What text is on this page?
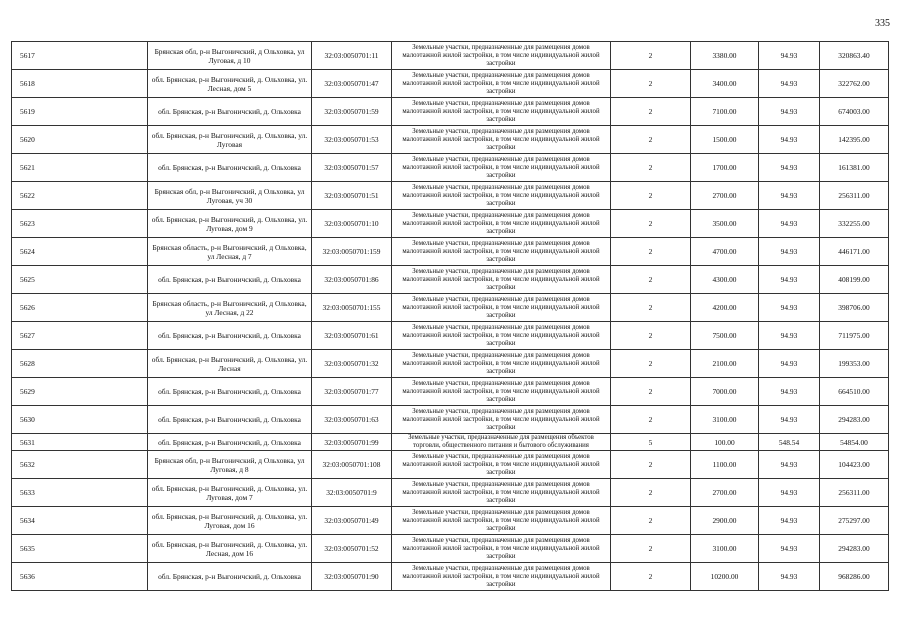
335
5617	Брянская обл, р-н Выгоничский, д Ольховка, ул Луговая, д 10	32:03:0050701:11	Земельные участки, предназначенные для размещения домов малоэтажной жилой застройки, в том числе индивидуальной жилой застройки	2	3380.00	94.93	320863.40
5618	обл. Брянская, р-н Выгоничский, д. Ольховка, ул. Лесная, дом 5	32:03:0050701:47	Земельные участки, предназначенные для размещения домов малоэтажной жилой застройки, в том числе индивидуальной жилой застройки	2	3400.00	94.93	322762.00
5619	обл. Брянская, р-н Выгоничский, д. Ольховка	32:03:0050701:59	Земельные участки, предназначенные для размещения домов малоэтажной жилой застройки, в том числе индивидуальной жилой застройки	2	7100.00	94.93	674003.00
5620	обл. Брянская, р-н Выгоничский, д. Ольховка, ул. Луговая	32:03:0050701:53	Земельные участки, предназначенные для размещения домов малоэтажной жилой застройки, в том числе индивидуальной жилой застройки	2	1500.00	94.93	142395.00
5621	обл. Брянская, р-н Выгоничский, д. Ольховка	32:03:0050701:57	Земельные участки, предназначенные для размещения домов малоэтажной жилой застройки, в том числе индивидуальной жилой застройки	2	1700.00	94.93	161381.00
5622	Брянская обл, р-н Выгоничский, д Ольховка, ул Луговая, уч 30	32:03:0050701:51	Земельные участки, предназначенные для размещения домов малоэтажной жилой застройки, в том числе индивидуальной жилой застройки	2	2700.00	94.93	256311.00
5623	обл. Брянская, р-н Выгоничский, д. Ольховка, ул. Луговая, дом 9	32:03:0050701:10	Земельные участки, предназначенные для размещения домов малоэтажной жилой застройки, в том числе индивидуальной жилой застройки	2	3500.00	94.93	332255.00
5624	Брянская область, р-н Выгоничский, д Ольховка, ул Лесная, д 7	32:03:0050701:159	Земельные участки, предназначенные для размещения домов малоэтажной жилой застройки, в том числе индивидуальной жилой застройки	2	4700.00	94.93	446171.00
5625	обл. Брянская, р-н Выгоничский, д. Ольховка	32:03:0050701:86	Земельные участки, предназначенные для размещения домов малоэтажной жилой застройки, в том числе индивидуальной жилой застройки	2	4300.00	94.93	408199.00
5626	Брянская область, р-н Выгоничский, д Ольховка, ул Лесная, д 22	32:03:0050701:155	Земельные участки, предназначенные для размещения домов малоэтажной жилой застройки, в том числе индивидуальной жилой застройки	2	4200.00	94.93	398706.00
5627	обл. Брянская, р-н Выгоничский, д. Ольховка	32:03:0050701:61	Земельные участки, предназначенные для размещения домов малоэтажной жилой застройки, в том числе индивидуальной жилой застройки	2	7500.00	94.93	711975.00
5628	обл. Брянская, р-н Выгоничский, д. Ольховка, ул. Лесная	32:03:0050701:32	Земельные участки, предназначенные для размещения домов малоэтажной жилой застройки, в том числе индивидуальной жилой застройки	2	2100.00	94.93	199353.00
5629	обл. Брянская, р-н Выгоничский, д. Ольховка	32:03:0050701:77	Земельные участки, предназначенные для размещения домов малоэтажной жилой застройки, в том числе индивидуальной жилой застройки	2	7000.00	94.93	664510.00
5630	обл. Брянская, р-н Выгоничский, д. Ольховка	32:03:0050701:63	Земельные участки, предназначенные для размещения домов малоэтажной жилой застройки, в том числе индивидуальной жилой застройки	2	3100.00	94.93	294283.00
5631	обл. Брянская, р-н Выгоничский, д. Ольховка	32:03:0050701:99	Земельные участки, предназначенные для размещения объектов торговли, общественного питания и бытового обслуживания	5	100.00	548.54	54854.00
5632	Брянская обл, р-н Выгоничский, д Ольховка, ул Луговая, д 8	32:03:0050701:108	Земельные участки, предназначенные для размещения домов малоэтажной жилой застройки, в том числе индивидуальной жилой застройки	2	1100.00	94.93	104423.00
5633	обл. Брянская, р-н Выгоничский, д. Ольховка, ул. Луговая, дом 7	32:03:0050701:9	Земельные участки, предназначенные для размещения домов малоэтажной жилой застройки, в том числе индивидуальной жилой застройки	2	2700.00	94.93	256311.00
5634	обл. Брянская, р-н Выгоничский, д. Ольховка, ул. Луговая, дом 16	32:03:0050701:49	Земельные участки, предназначенные для размещения домов малоэтажной жилой застройки, в том числе индивидуальной жилой застройки	2	2900.00	94.93	275297.00
5635	обл. Брянская, р-н Выгоничский, д. Ольховка, ул. Лесная, дом 16	32:03:0050701:52	Земельные участки, предназначенные для размещения домов малоэтажной жилой застройки, в том числе индивидуальной жилой застройки	2	3100.00	94.93	294283.00
5636	обл. Брянская, р-н Выгоничский, д. Ольховка	32:03:0050701:90	Земельные участки, предназначенные для размещения домов малоэтажной жилой застройки, в том числе индивидуальной жилой застройки	2	10200.00	94.93	968286.00
